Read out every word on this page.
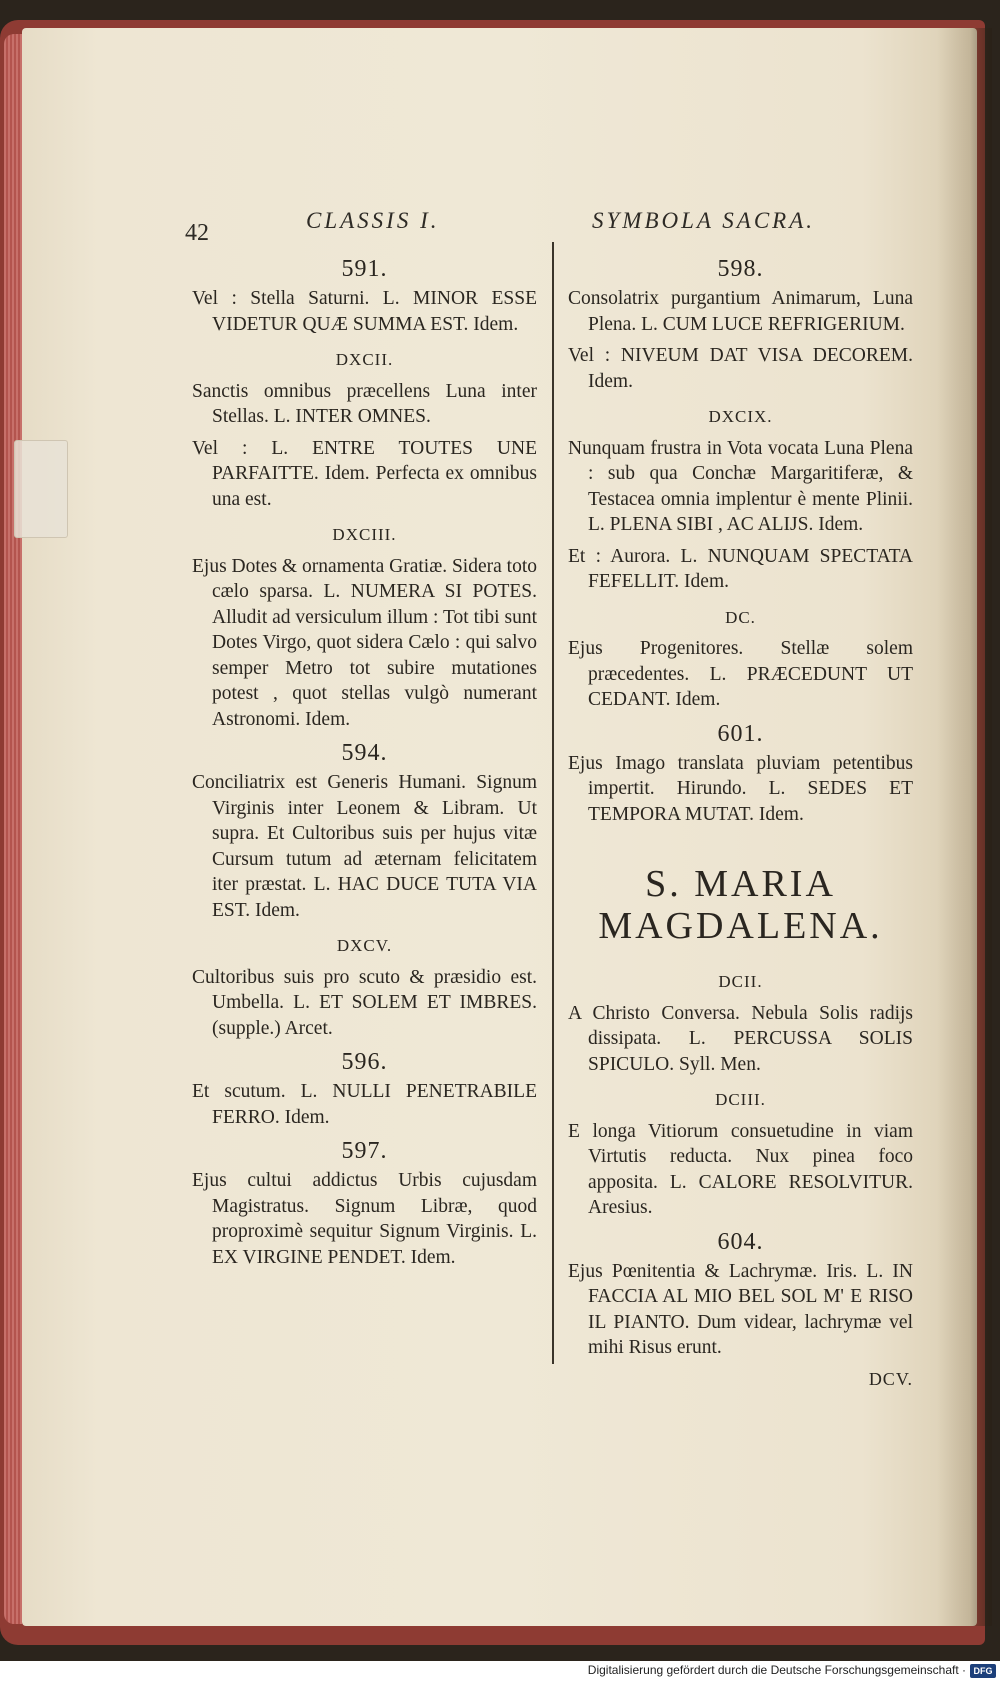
42	CLASSIS I.	SYMBOLA SACRA.
591.
Vel : Stella Saturni. L. MINOR ESSE VIDETUR QUÆ SUMMA EST. Idem.
DXCII.
Sanctis omnibus præcellens Luna inter Stellas. L. INTER OMNES.
Vel : L. ENTRE TOUTES UNE PARFAITTE. Idem. Perfecta ex omnibus una est.
DXCIII.
Ejus Dotes & ornamenta Gratiæ. Sidera toto cælo sparsa. L. NUMERA SI POTES. Alludit ad versiculum illum : Tot tibi sunt Dotes Virgo, quot sidera Cælo : qui salvo semper Metro tot subire mutationes potest , quot stellas vulgò numerant Astronomi. Idem.
594.
Conciliatrix est Generis Humani. Signum Virginis inter Leonem & Libram. Ut supra. Et Cultoribus suis per hujus vitæ Cursum tutum ad æternam felicitatem iter præstat. L. HAC DUCE TUTA VIA EST. Idem.
DXCV.
Cultoribus suis pro scuto & præsidio est. Umbella. L. ET SOLEM ET IMBRES. (supple.) Arcet.
596.
Et scutum. L. NULLI PENETRABILE FERRO. Idem.
597.
Ejus cultui addictus Urbis cujusdam Magistratus. Signum Libræ, quod proproximè sequitur Signum Virginis. L. EX VIRGINE PENDET. Idem.
598.
Consolatrix purgantium Animarum, Luna Plena. L. CUM LUCE REFRIGERIUM.
Vel : NIVEUM DAT VISA DECOREM. Idem.
DXCIX.
Nunquam frustra in Vota vocata Luna Plena : sub qua Conchæ Margaritiferæ, & Testacea omnia implentur è mente Plinii. L. PLENA SIBI , AC ALIJS. Idem.
Et : Aurora. L. NUNQUAM SPECTATA FEFELLIT. Idem.
DC.
Ejus Progenitores. Stellæ solem præcedentes. L. PRÆCEDUNT UT CEDANT. Idem.
601.
Ejus Imago translata pluviam petentibus impertit. Hirundo. L. SEDES ET TEMPORA MUTAT. Idem.
S. MARIA MAGDALENA.
DCII.
A Christo Conversa. Nebula Solis radijs dissipata. L. PERCUSSA SOLIS SPICULO. Syll. Men.
DCIII.
E longa Vitiorum consuetudine in viam Virtutis reducta. Nux pinea foco apposita. L. CALORE RESOLVITUR. Aresius.
604.
Ejus Pœnitentia & Lachrymæ. Iris. L. IN FACCIA AL MIO BEL SOL M' E RISO IL PIANTO. Dum videar, lachrymæ vel mihi Risus erunt.
DCV.
Digitalisierung gefördert durch die Deutsche Forschungsgemeinschaft · DFG
